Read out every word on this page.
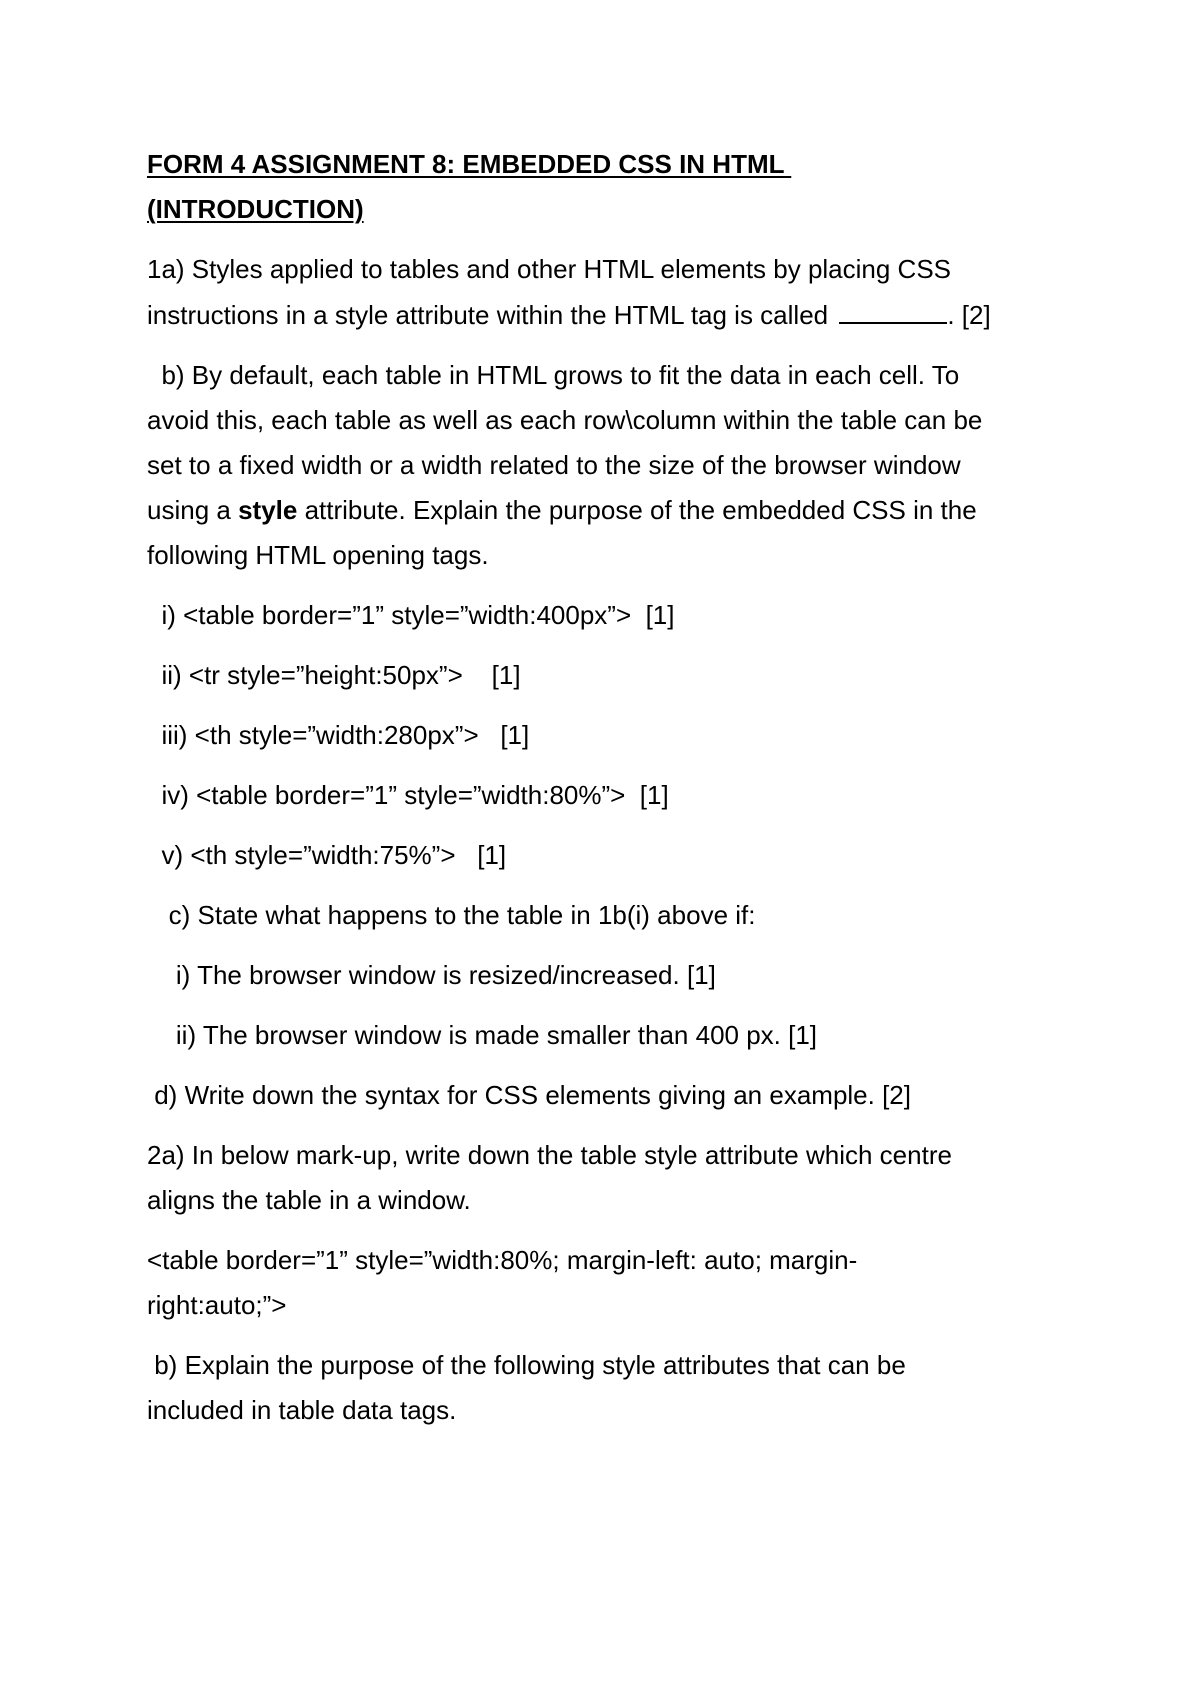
FORM 4 ASSIGNMENT 8: EMBEDDED CSS IN HTML
(INTRODUCTION)
1a) Styles applied to tables and other HTML elements by placing CSS
instructions in a style attribute within the HTML tag is called	. [2]
b) By default, each table in HTML grows to fit the data in each cell. To
avoid this, each table as well as each row\column within the table can be
set to a fixed width or a width related to the size of the browser window
using a style attribute. Explain the purpose of the embedded CSS in the
following HTML opening tags.
i) <table border=”1” style=”width:400px”>  [1]
ii) <tr style=”height:50px”>    [1]
iii) <th style=”width:280px”>   [1]
iv) <table border=”1” style=”width:80%”>  [1]
v) <th style=”width:75%”>   [1]
c) State what happens to the table in 1b(i) above if:
i) The browser window is resized/increased. [1]
ii) The browser window is made smaller than 400 px. [1]
d) Write down the syntax for CSS elements giving an example. [2]
2a) In below mark-up, write down the table style attribute which centre
aligns the table in a window.
<table border=”1” style=”width:80%; margin-left: auto; margin-
right:auto;”>
b) Explain the purpose of the following style attributes that can be
included in table data tags.
